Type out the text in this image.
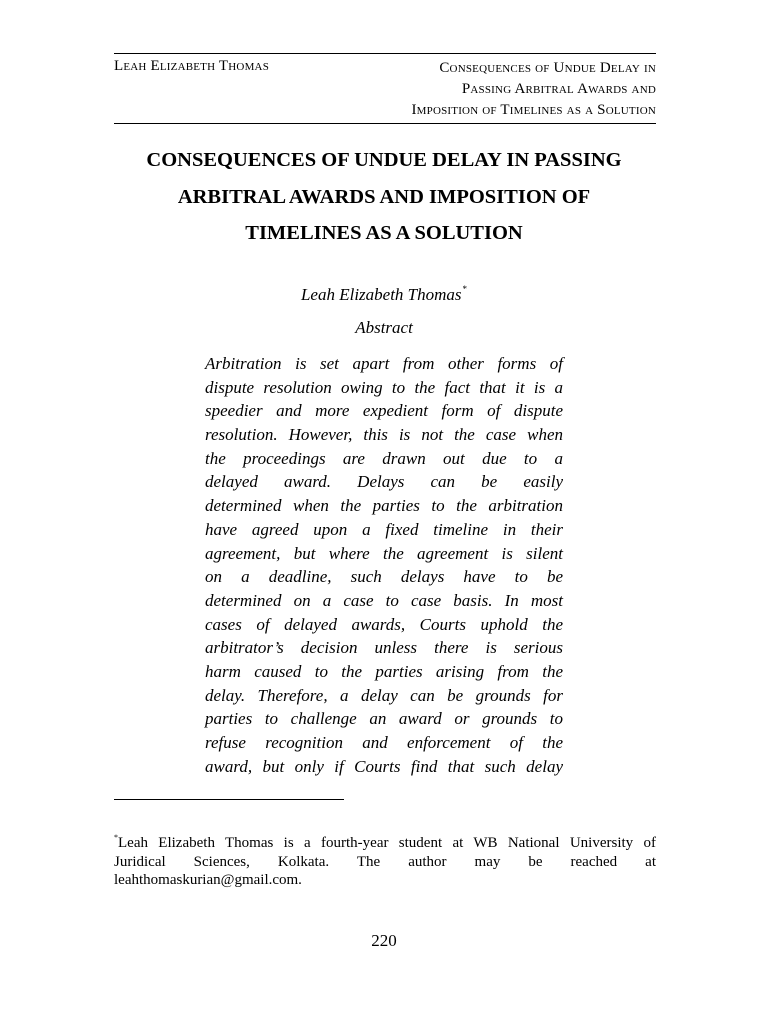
Leah Elizabeth Thomas	Consequences of Undue Delay in
Passing Arbitral Awards and
Imposition of Timelines as a Solution
CONSEQUENCES OF UNDUE DELAY IN PASSING
ARBITRAL AWARDS AND IMPOSITION OF
TIMELINES AS A SOLUTION
Leah Elizabeth Thomas*
Abstract
Arbitration is set apart from other forms of
dispute resolution owing to the fact that it is a
speedier and more expedient form of dispute
resolution. However, this is not the case when
the proceedings are drawn out due to a
delayed award. Delays can be easily
determined when the parties to the arbitration
have agreed upon a fixed timeline in their
agreement, but where the agreement is silent
on a deadline, such delays have to be
determined on a case to case basis. In most
cases of delayed awards, Courts uphold the
arbitrator’s decision unless there is serious
harm caused to the parties arising from the
delay. Therefore, a delay can be grounds for
parties to challenge an award or grounds to
refuse recognition and enforcement of the
award, but only if Courts find that such delay
*Leah Elizabeth Thomas is a fourth-year student at WB National University of
Juridical Sciences, Kolkata. The author may be reached at
leahthomaskurian@gmail.com.
220
